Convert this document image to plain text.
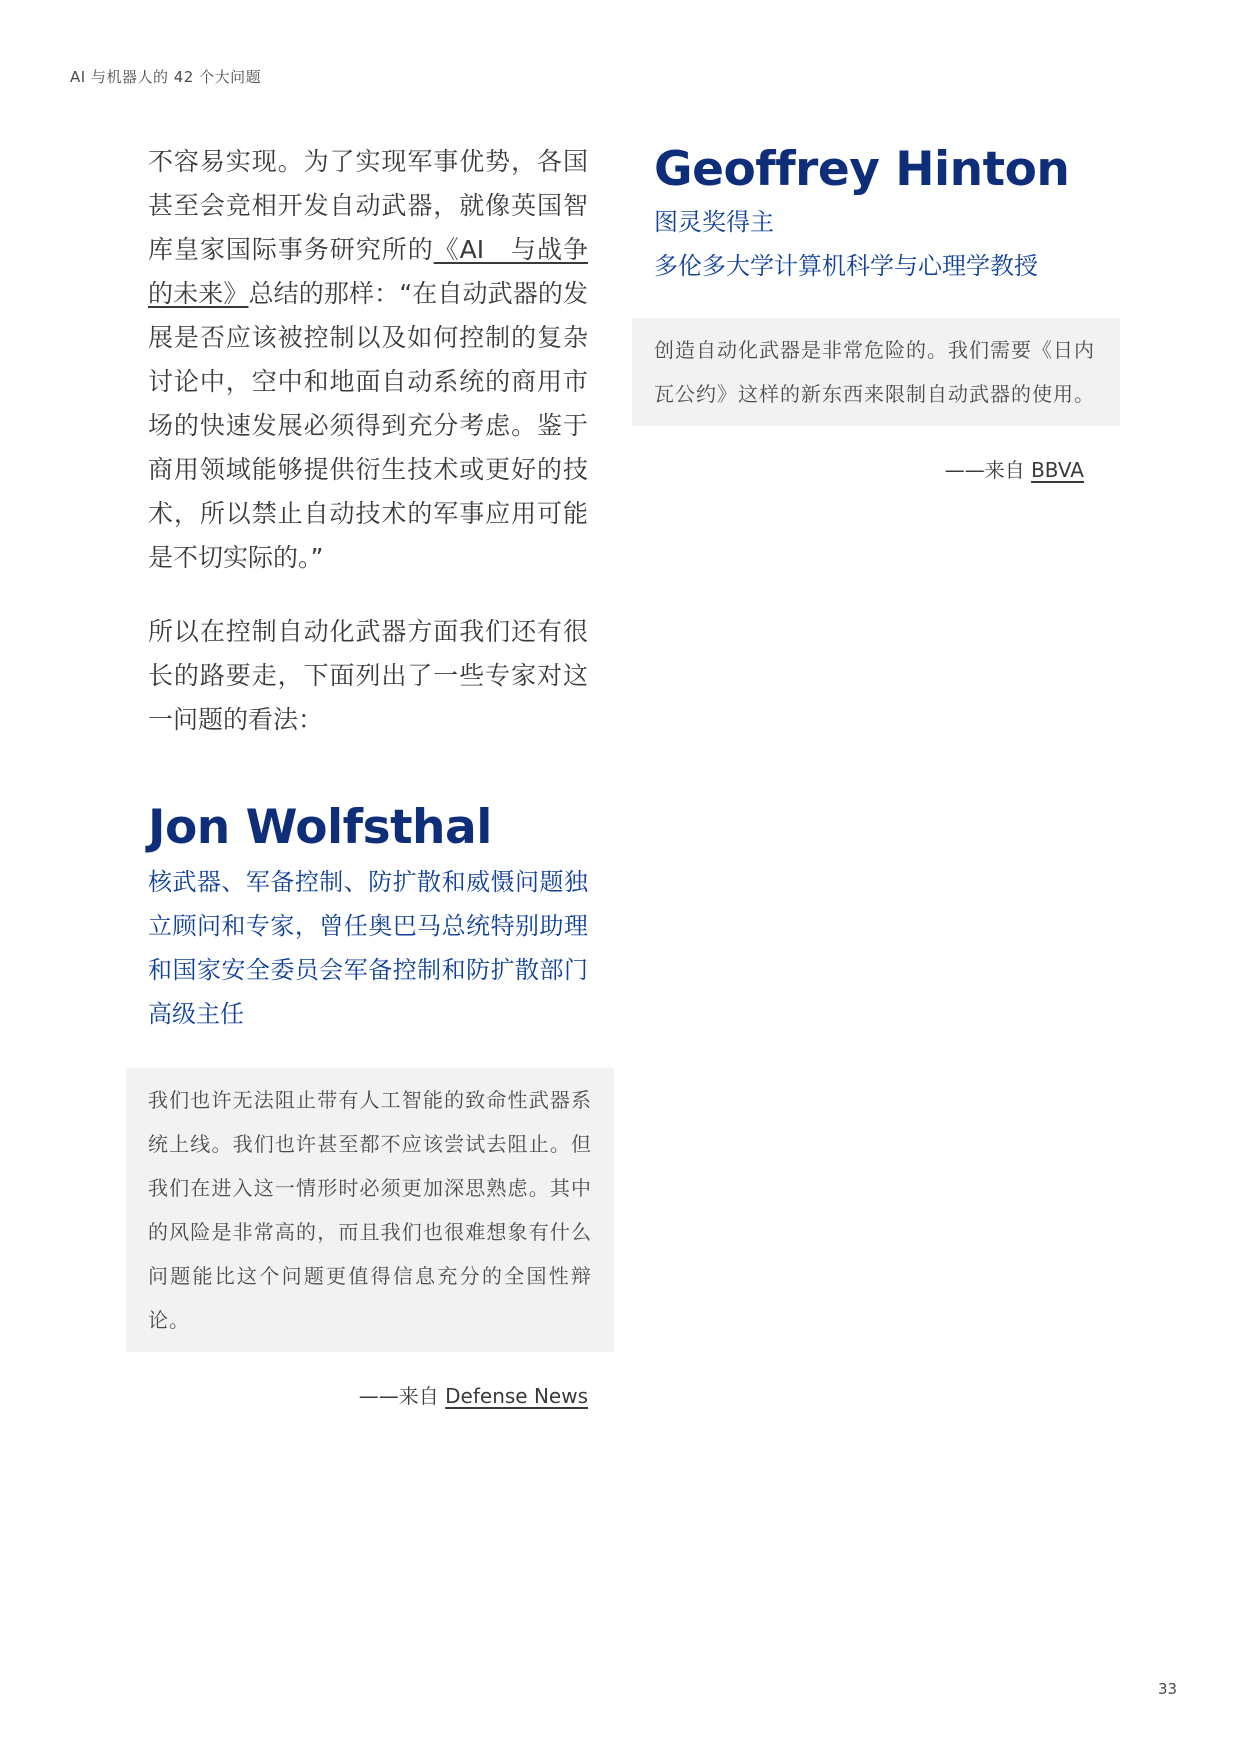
AI 与机器人的 42 个大问题

不容易实现。为了实现军事优势，各国甚至会竞相开发自动武器，就像英国智库皇家国际事务研究所的《AI　与战争的未来》总结的那样：“在自动武器的发展是否应该被控制以及如何控制的复杂讨论中，空中和地面自动系统的商用市场的快速发展必须得到充分考虑。鉴于商用领域能够提供衍生技术或更好的技术，所以禁止自动技术的军事应用可能是不切实际的。”

所以在控制自动化武器方面我们还有很长的路要走，下面列出了一些专家对这一问题的看法：

Jon Wolfsthal

核武器、军备控制、防扩散和威慑问题独立顾问和专家，曾任奥巴马总统特别助理和国家安全委员会军备控制和防扩散部门高级主任

我们也许无法阻止带有人工智能的致命性武器系统上线。我们也许甚至都不应该尝试去阻止。但我们在进入这一情形时必须更加深思熟虑。其中的风险是非常高的，而且我们也很难想象有什么问题能比这个问题更值得信息充分的全国性辩论。
——来自 Defense News
Geoffrey Hinton

图灵奖得主

多伦多大学计算机科学与心理学教授

创造自动化武器是非常危险的。我们需要《日内瓦公约》这样的新东西来限制自动武器的使用。
——来自 BBVA
33
